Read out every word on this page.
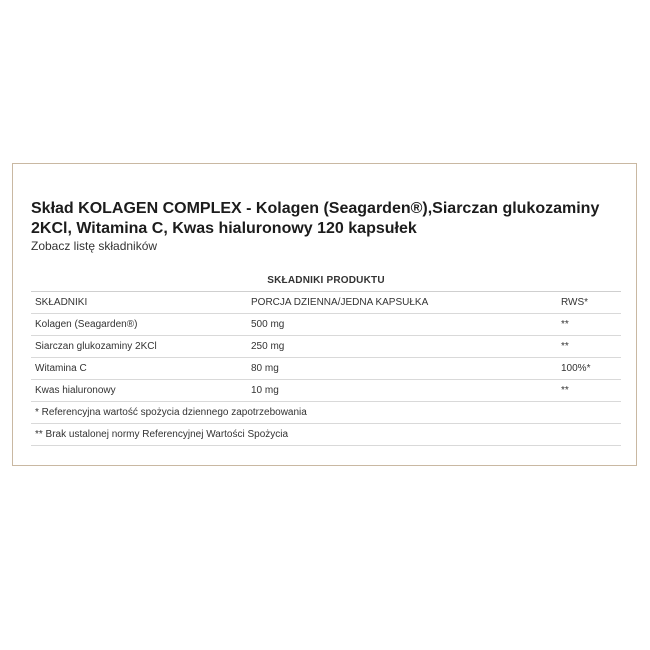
Skład KOLAGEN COMPLEX - Kolagen (Seagarden®),Siarczan glukozaminy 2KCl, Witamina C, Kwas hialuronowy 120 kapsułek
Zobacz listę składników
SKŁADNIKI PRODUKTU
SKŁADNIKI	PORCJA DZIENNA/JEDNA KAPSUŁKA	RWS*
Kolagen (Seagarden®)	500 mg	**
Siarczan glukozaminy 2KCl	250 mg	**
Witamina C	80 mg	100%*
Kwas hialuronowy	10 mg	**
* Referencyjna wartość spożycia dziennego zapotrzebowania
** Brak ustalonej normy Referencyjnej Wartości Spożycia
